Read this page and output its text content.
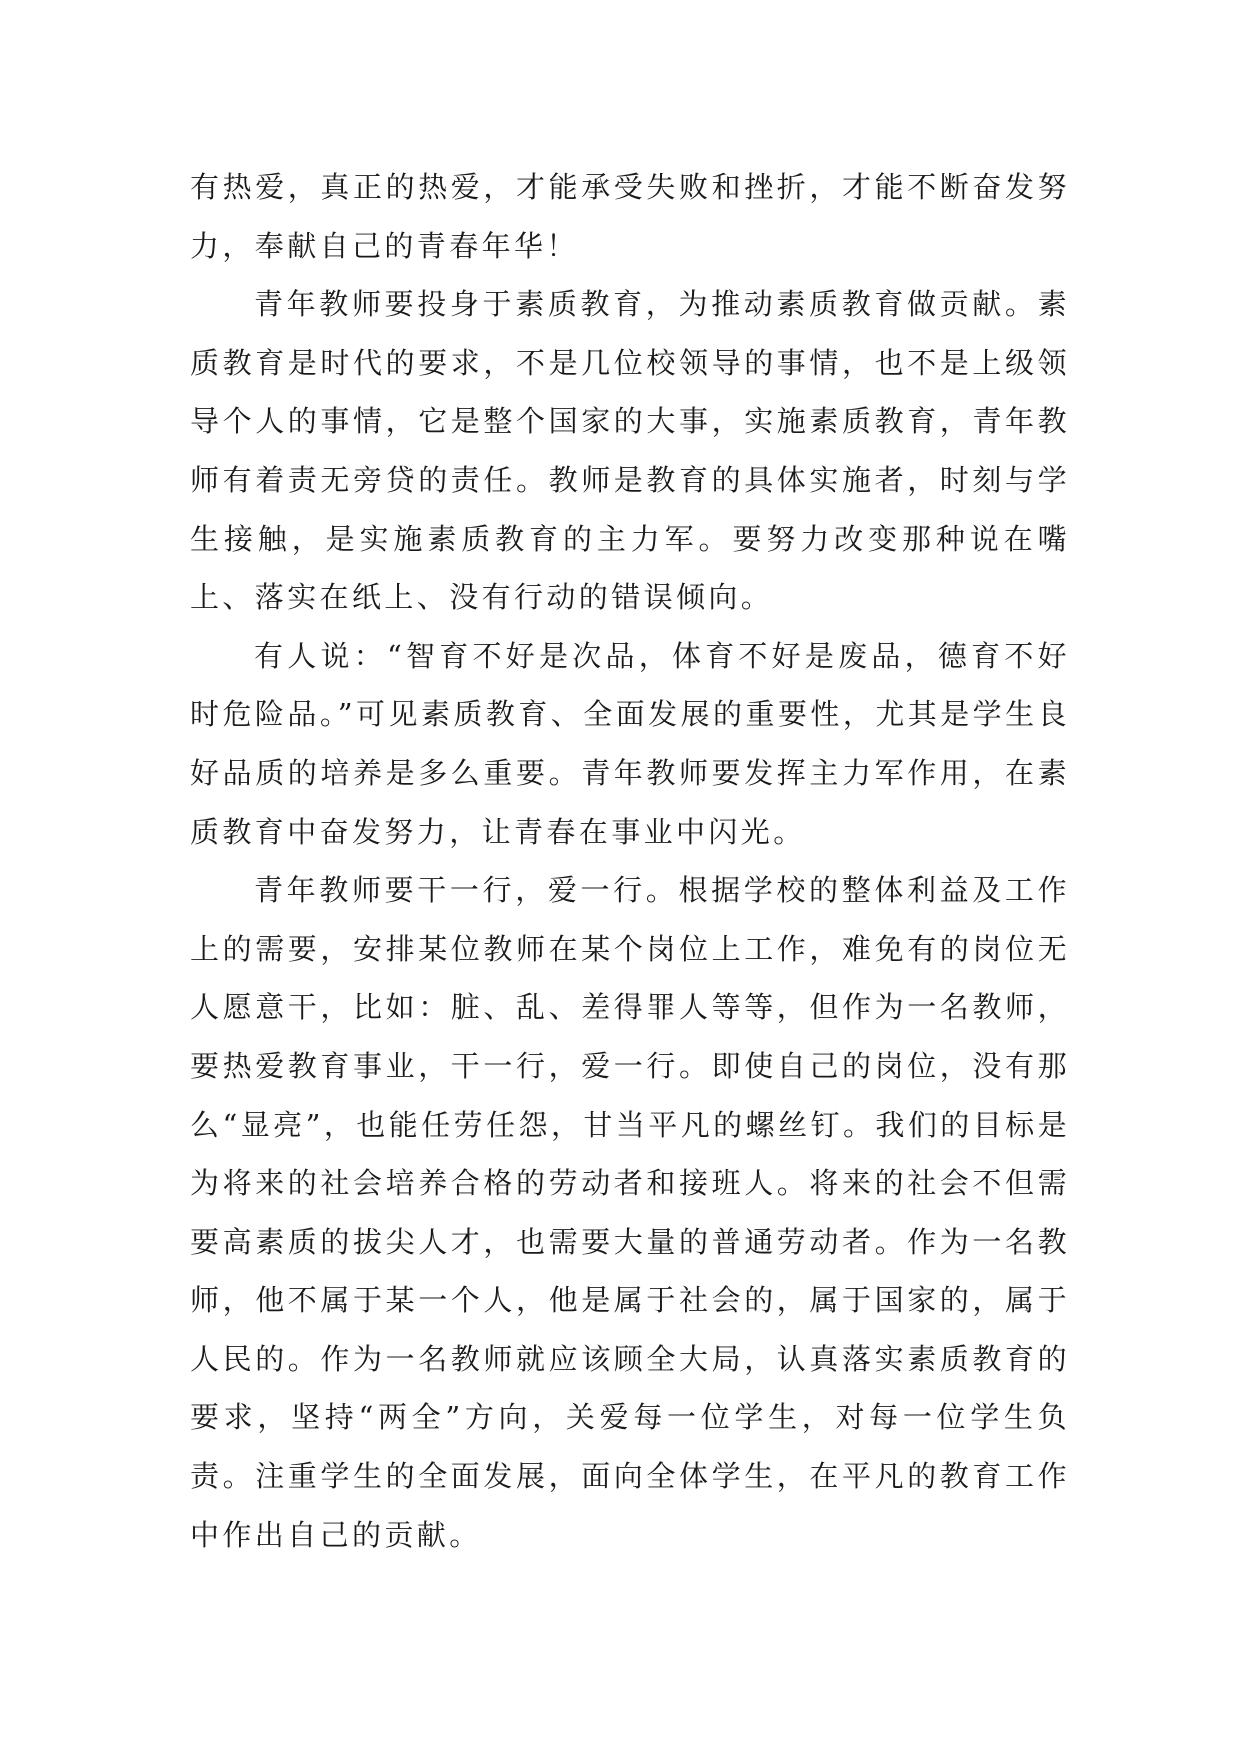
有热爱，真正的热爱，才能承受失败和挫折，才能不断奋发努力，奉献自己的青春年华！

青年教师要投身于素质教育，为推动素质教育做贡献。素质教育是时代的要求，不是几位校领导的事情，也不是上级领导个人的事情，它是整个国家的大事，实施素质教育，青年教师有着责无旁贷的责任。教师是教育的具体实施者，时刻与学生接触，是实施素质教育的主力军。要努力改变那种说在嘴上、落实在纸上、没有行动的错误倾向。

有人说：“智育不好是次品，体育不好是废品，德育不好时危险品。”可见素质教育、全面发展的重要性，尤其是学生良好品质的培养是多么重要。青年教师要发挥主力军作用，在素质教育中奋发努力，让青春在事业中闪光。

青年教师要干一行，爱一行。根据学校的整体利益及工作上的需要，安排某位教师在某个岗位上工作，难免有的岗位无人愿意干，比如：脏、乱、差得罪人等等，但作为一名教师，要热爱教育事业，干一行，爱一行。即使自己的岗位，没有那么“显亮”，也能任劳任怨，甘当平凡的螺丝钉。我们的目标是为将来的社会培养合格的劳动者和接班人。将来的社会不但需要高素质的拔尖人才，也需要大量的普通劳动者。作为一名教师，他不属于某一个人，他是属于社会的，属于国家的，属于人民的。作为一名教师就应该顾全大局，认真落实素质教育的要求，坚持“两全”方向，关爱每一位学生，对每一位学生负责。注重学生的全面发展，面向全体学生，在平凡的教育工作中作出自己的贡献。
